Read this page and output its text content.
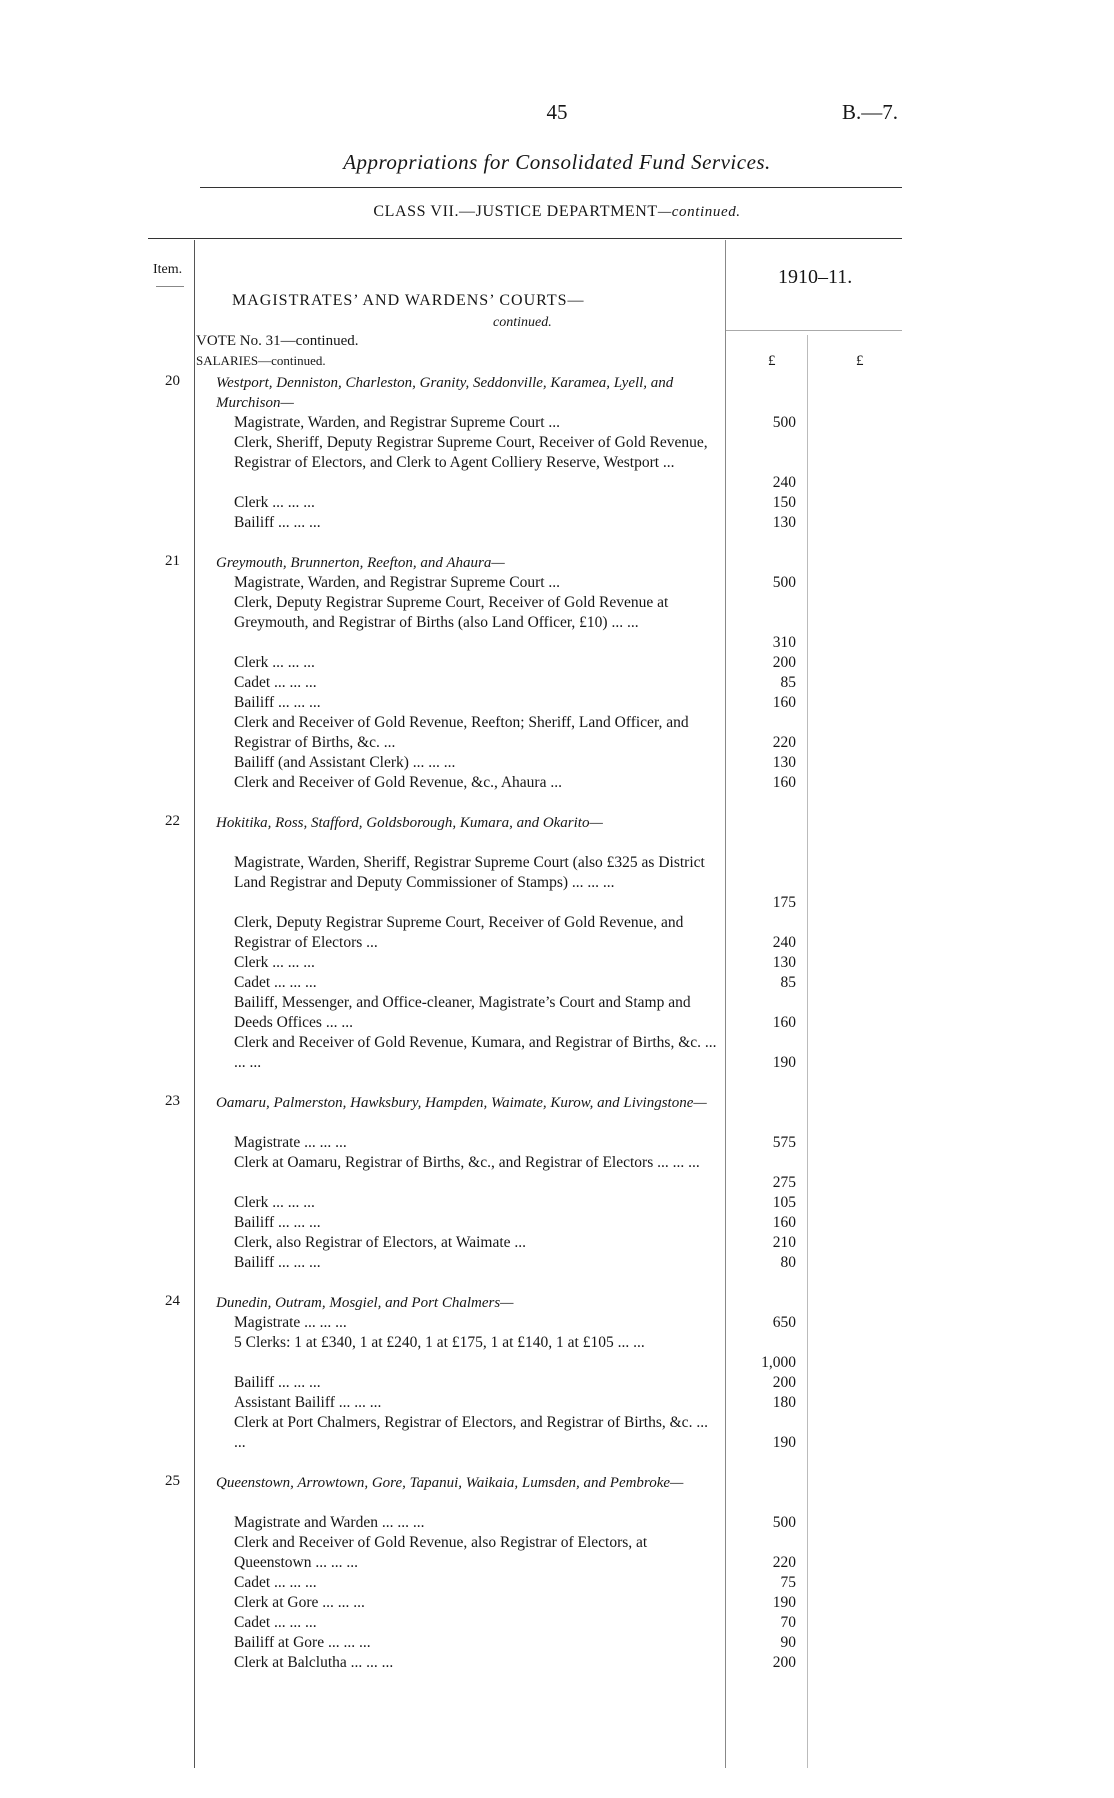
45	B.—7.
Appropriations for Consolidated Fund Services.
CLASS VII.—JUSTICE DEPARTMENT—continued.
Item.	1910–11.
MAGISTRATES’ AND WARDENS’ COURTS—
continued.
VOTE No. 31—continued.
SALARIES—continued.	£	£
20 Westport, Denniston, Charleston, Granity, Seddonville, Karamea, Lyell, and Murchison—
Magistrate, Warden, and Registrar Supreme Court ...	500
Clerk, Sheriff, Deputy Registrar Supreme Court, Receiver of Gold Revenue, Registrar of Electors, and Clerk to Agent Colliery Reserve, Westport ...
240
Clerk ... ... ...	150
Bailiff ... ... ...	130
21 Greymouth, Brunnerton, Reefton, and Ahaura—
Magistrate, Warden, and Registrar Supreme Court ...	500
Clerk, Deputy Registrar Supreme Court, Receiver of Gold Revenue at Greymouth, and Registrar of Births (also Land Officer, £10) ... ...
310
Clerk ... ... ...	200
Cadet ... ... ...	85
Bailiff ... ... ...	160
Clerk and Receiver of Gold Revenue, Reefton; Sheriff, Land Officer, and Registrar of Births, &c. ...	220
Bailiff (and Assistant Clerk) ... ... ...	130
Clerk and Receiver of Gold Revenue, &c., Ahaura ...	160
22 Hokitika, Ross, Stafford, Goldsborough, Kumara, and Okarito—
Magistrate, Warden, Sheriff, Registrar Supreme Court (also £325 as District Land Registrar and Deputy Commissioner of Stamps) ... ... ...
175
Clerk, Deputy Registrar Supreme Court, Receiver of Gold Revenue, and Registrar of Electors ...	240
Clerk ... ... ...	130
Cadet ... ... ...	85
Bailiff, Messenger, and Office-cleaner, Magistrate’s Court and Stamp and Deeds Offices ... ...	160
Clerk and Receiver of Gold Revenue, Kumara, and Registrar of Births, &c. ... ... ...	190
23 Oamaru, Palmerston, Hawksbury, Hampden, Waimate, Kurow, and Livingstone—
Magistrate ... ... ...	575
Clerk at Oamaru, Registrar of Births, &c., and Registrar of Electors ... ... ...
275
Clerk ... ... ...	105
Bailiff ... ... ...	160
Clerk, also Registrar of Electors, at Waimate ...	210
Bailiff ... ... ...	80
24 Dunedin, Outram, Mosgiel, and Port Chalmers—
Magistrate ... ... ...	650
5 Clerks: 1 at £340, 1 at £240, 1 at £175, 1 at £140, 1 at £105 ... ...
1,000
Bailiff ... ... ...	200
Assistant Bailiff ... ... ...	180
Clerk at Port Chalmers, Registrar of Electors, and Registrar of Births, &c. ... ...	190
25 Queenstown, Arrowtown, Gore, Tapanui, Waikaia, Lumsden, and Pembroke—
Magistrate and Warden ... ... ...	500
Clerk and Receiver of Gold Revenue, also Registrar of Electors, at Queenstown ... ... ...	220
Cadet ... ... ...	75
Clerk at Gore ... ... ...	190
Cadet ... ... ...	70
Bailiff at Gore ... ... ...	90
Clerk at Balclutha ... ... ...	200
